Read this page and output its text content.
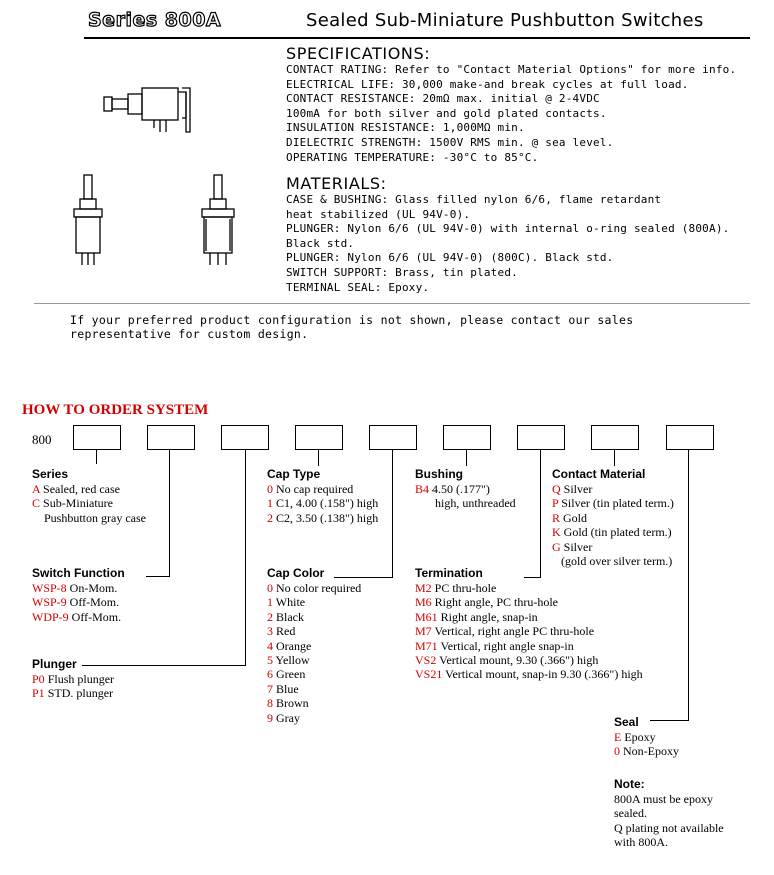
Series 800A	Sealed Sub-Miniature Pushbutton Switches
SPECIFICATIONS:
CONTACT RATING: Refer to "Contact Material Options" for more info.
ELECTRICAL LIFE: 30,000 make-and break cycles at full load.
CONTACT RESISTANCE: 20mΩ max. initial @ 2-4VDC
100mA for both silver and gold plated contacts.
INSULATION RESISTANCE: 1,000MΩ min.
DIELECTRIC STRENGTH: 1500V RMS min. @ sea level.
OPERATING TEMPERATURE: -30°C to 85°C.
MATERIALS:
CASE & BUSHING: Glass filled nylon 6/6, flame retardant
heat stabilized (UL 94V-0).
PLUNGER: Nylon 6/6 (UL 94V-0) with internal o-ring sealed (800A).
Black std.
PLUNGER: Nylon 6/6 (UL 94V-0) (800C). Black std.
SWITCH SUPPORT: Brass, tin plated.
TERMINAL SEAL: Epoxy.
If your preferred product configuration is not shown, please contact our sales representative for custom design.
HOW TO ORDER SYSTEM
800
Series
A Sealed, red case
C Sub-Miniature
Pushbutton gray case
Switch Function
WSP-8 On-Mom.
WSP-9 Off-Mom.
WDP-9 Off-Mom.
Plunger
P0 Flush plunger
P1 STD. plunger
Cap Type
0 No cap required
1 C1, 4.00 (.158") high
2 C2, 3.50 (.138") high
Cap Color
0 No color required
1 White
2 Black
3 Red
4 Orange
5 Yellow
6 Green
7 Blue
8 Brown
9 Gray
Bushing
B4 4.50 (.177")
high, unthreaded
Termination
M2 PC thru-hole
M6 Right angle, PC thru-hole
M61 Right angle, snap-in
M7 Vertical, right angle PC thru-hole
M71 Vertical, right angle snap-in
VS2 Vertical mount, 9.30 (.366") high
VS21 Vertical mount, snap-in 9.30 (.366") high
Contact Material
Q Silver
P Silver (tin plated term.)
R Gold
K Gold (tin plated term.)
G Silver
(gold over silver term.)
Seal
E Epoxy
0 Non-Epoxy
Note:
800A must be epoxy
sealed.
Q plating not available
with 800A.
